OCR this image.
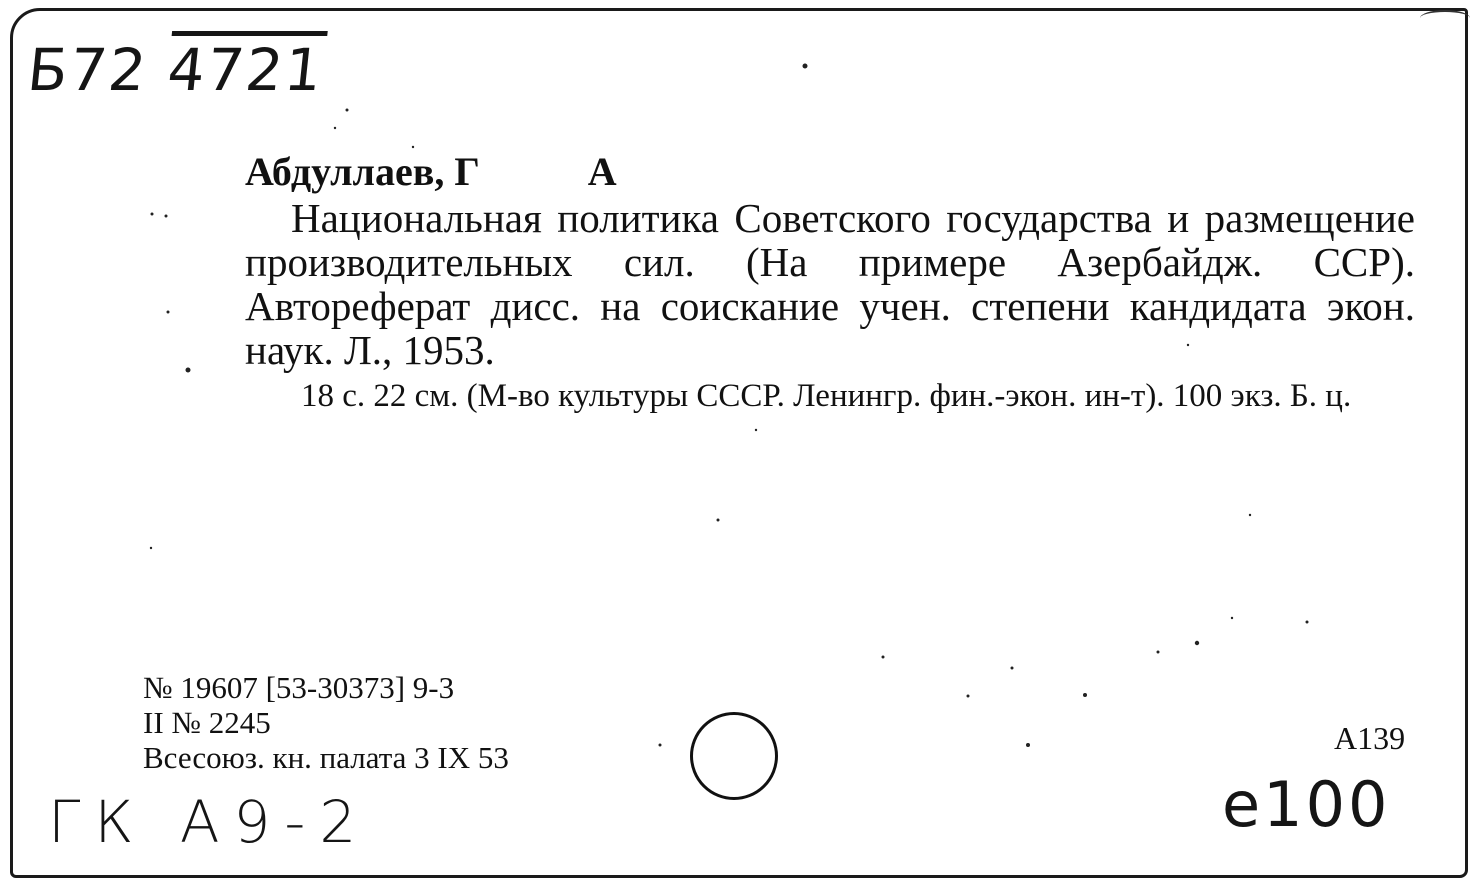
Б72 4721
Абдуллаев, Г	А
Национальная политика Советского государства и размещение производительных сил. (На примере Азербайдж. ССР). Автореферат дисс. на соискание учен. степени кандидата экон. наук. Л., 1953.
18 с. 22 см. (М-во культуры СССР. Ленингр. фин.-экон. ин-т). 100 экз. Б. ц.
№ 19607 [53-30373] 9-3
II № 2245
Всесоюз. кн. палата 3 IX 53
А139
ГК А9-2	e100
